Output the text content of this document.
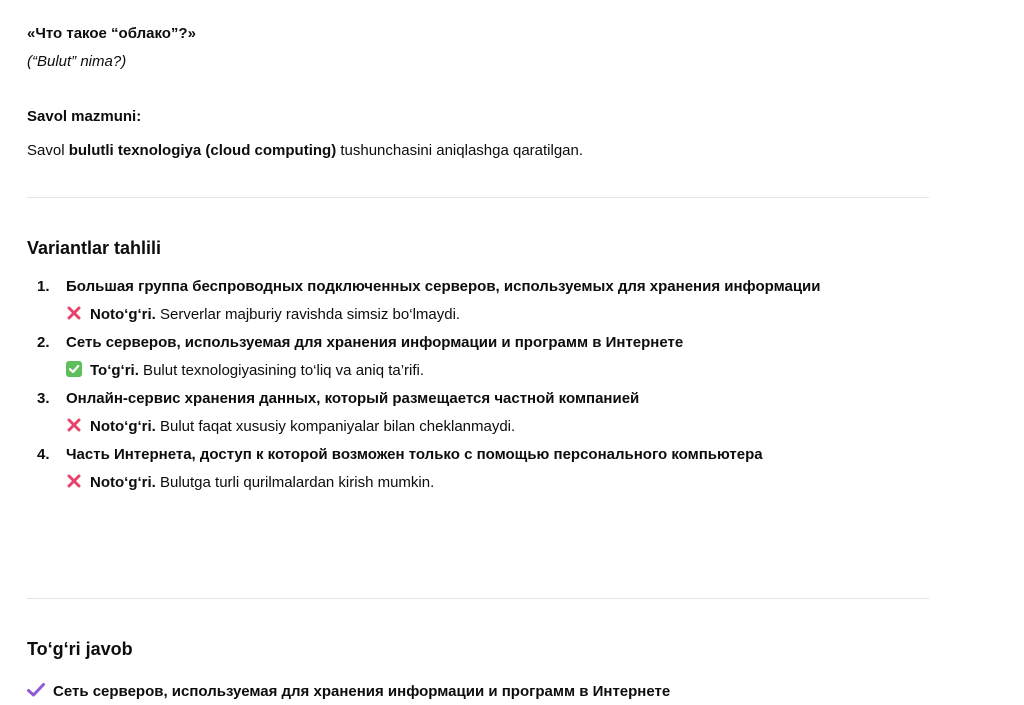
«Что такое “облако”?»
(“Bulut” nima?)
Savol mazmuni:
Savol bulutli texnologiya (cloud computing) tushunchasini aniqlashga qaratilgan.
Variantlar tahlili
1. Большая группа беспроводных подключенных серверов, используемых для хранения информации
Noto‘g‘ri. Serverlar majburiy ravishda simsiz bo‘lmaydi.
2. Сеть серверов, используемая для хранения информации и программ в Интернете
To‘g‘ri. Bulut texnologiyasining to‘liq va aniq ta’rifi.
3. Онлайн-сервис хранения данных, который размещается частной компанией
Noto‘g‘ri. Bulut faqat xususiy kompaniyalar bilan cheklanmaydi.
4. Часть Интернета, доступ к которой возможен только с помощью персонального компьютера
Noto‘g‘ri. Bulutga turli qurilmalardan kirish mumkin.
To‘g‘ri javob
Сеть серверов, используемая для хранения информации и программ в Интернете
